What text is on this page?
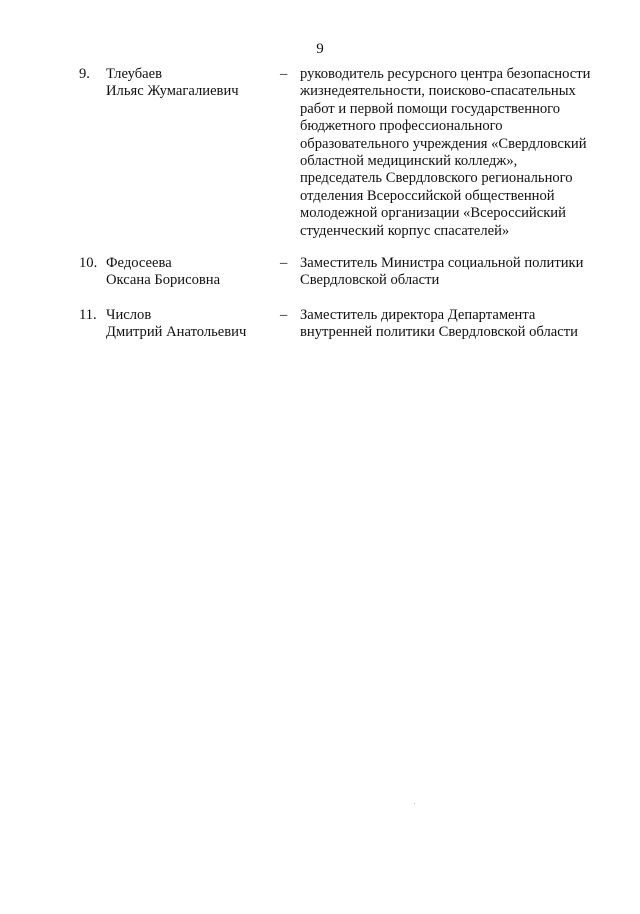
9
9. Тлеубаев
Ильяс Жумагалиевич
– руководитель ресурсного центра безопасности
жизнедеятельности, поисково-спасательных
работ и первой помощи государственного
бюджетного профессионального
образовательного учреждения «Свердловский
областной медицинский колледж»,
председатель Свердловского регионального
отделения Всероссийской общественной
молодежной организации «Всероссийский
студенческий корпус спасателей»
10. Федосеева
Оксана Борисовна
– Заместитель Министра социальной политики
Свердловской области
11. Числов
Дмитрий Анатольевич
– Заместитель директора Департамента
внутренней политики Свердловской области
